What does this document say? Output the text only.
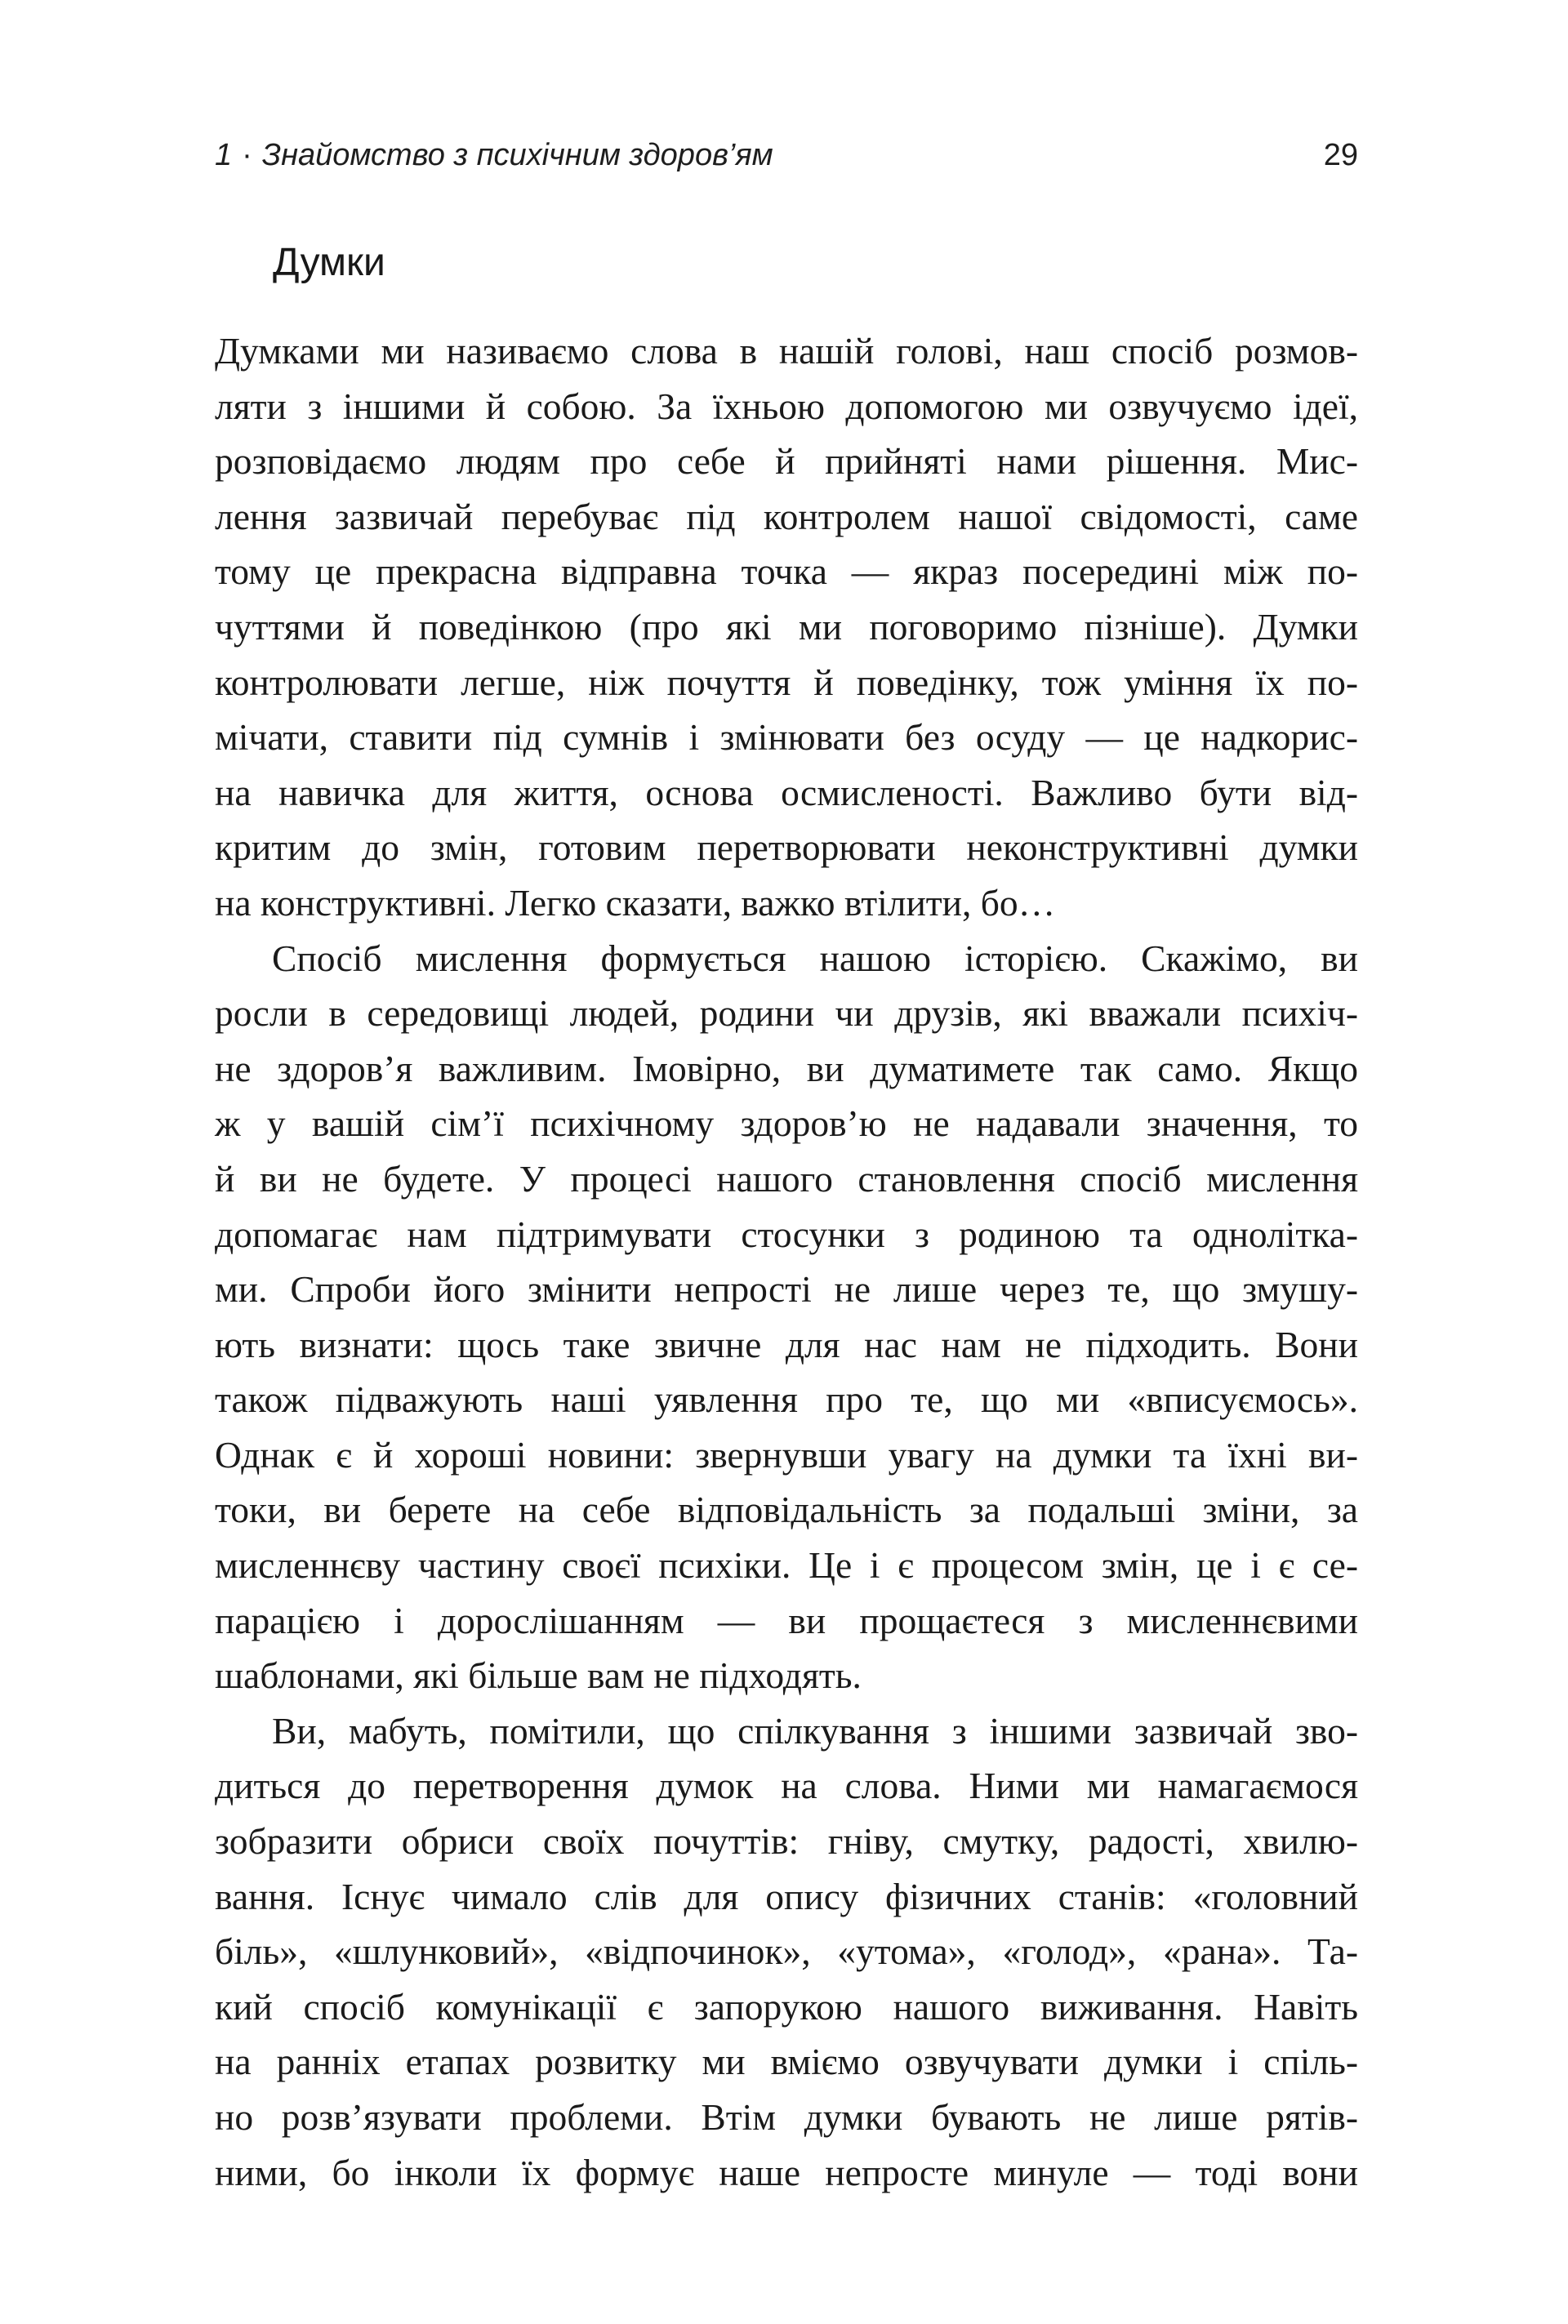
1 · Знайомство з психічним здоров’ям	29
Думки

Думками ми називаємо слова в нашій голові, наш спосіб розмов-

ляти з іншими й собою. За їхньою допомогою ми озвучуємо ідеї,

розповідаємо людям про себе й прийняті нами рішення. Мис-

лення зазвичай перебуває під контролем нашої свідомості, саме

тому це прекрасна відправна точка — якраз посередині між по-

чуттями й поведінкою (про які ми поговоримо пізніше). Думки

контролювати легше, ніж почуття й поведінку, тож уміння їх по-

мічати, ставити під сумнів і змінювати без осуду — це надкорис-

на навичка для життя, основа осмисленості. Важливо бути від-

критим до змін, готовим перетворювати неконструктивні думки

на конструктивні. Легко сказати, важко втілити, бо…

Спосіб мислення формується нашою історією. Скажімо, ви

росли в середовищі людей, родини чи друзів, які вважали психіч-

не здоров’я важливим. Імовірно, ви думатимете так само. Якщо

ж у вашій сім’ї психічному здоров’ю не надавали значення, то

й ви не будете. У процесі нашого становлення спосіб мислення

допомагає нам підтримувати стосунки з родиною та однолітка-

ми. Спроби його змінити непрості не лише через те, що змушу-

ють визнати: щось таке звичне для нас нам не підходить. Вони

також підважують наші уявлення про те, що ми «вписуємось».

Однак є й хороші новини: звернувши увагу на думки та їхні ви-

токи, ви берете на себе відповідальність за подальші зміни, за

мисленнєву частину своєї психіки. Це і є процесом змін, це і є се-

парацією і дорослішанням — ви прощаєтеся з мисленнєвими

шаблонами, які більше вам не підходять.

Ви, мабуть, помітили, що спілкування з іншими зазвичай зво-

диться до перетворення думок на слова. Ними ми намагаємося

зобразити обриси своїх почуттів: гніву, смутку, радості, хвилю-

вання. Існує чимало слів для опису фізичних станів: «головний

біль», «шлунковий», «відпочинок», «утома», «голод», «рана». Та-

кий спосіб комунікації є запорукою нашого виживання. Навіть

на ранніх етапах розвитку ми вміємо озвучувати думки і спіль-

но розв’язувати проблеми. Втім думки бувають не лише рятів-

ними, бо інколи їх формує наше непросте минуле — тоді вони
